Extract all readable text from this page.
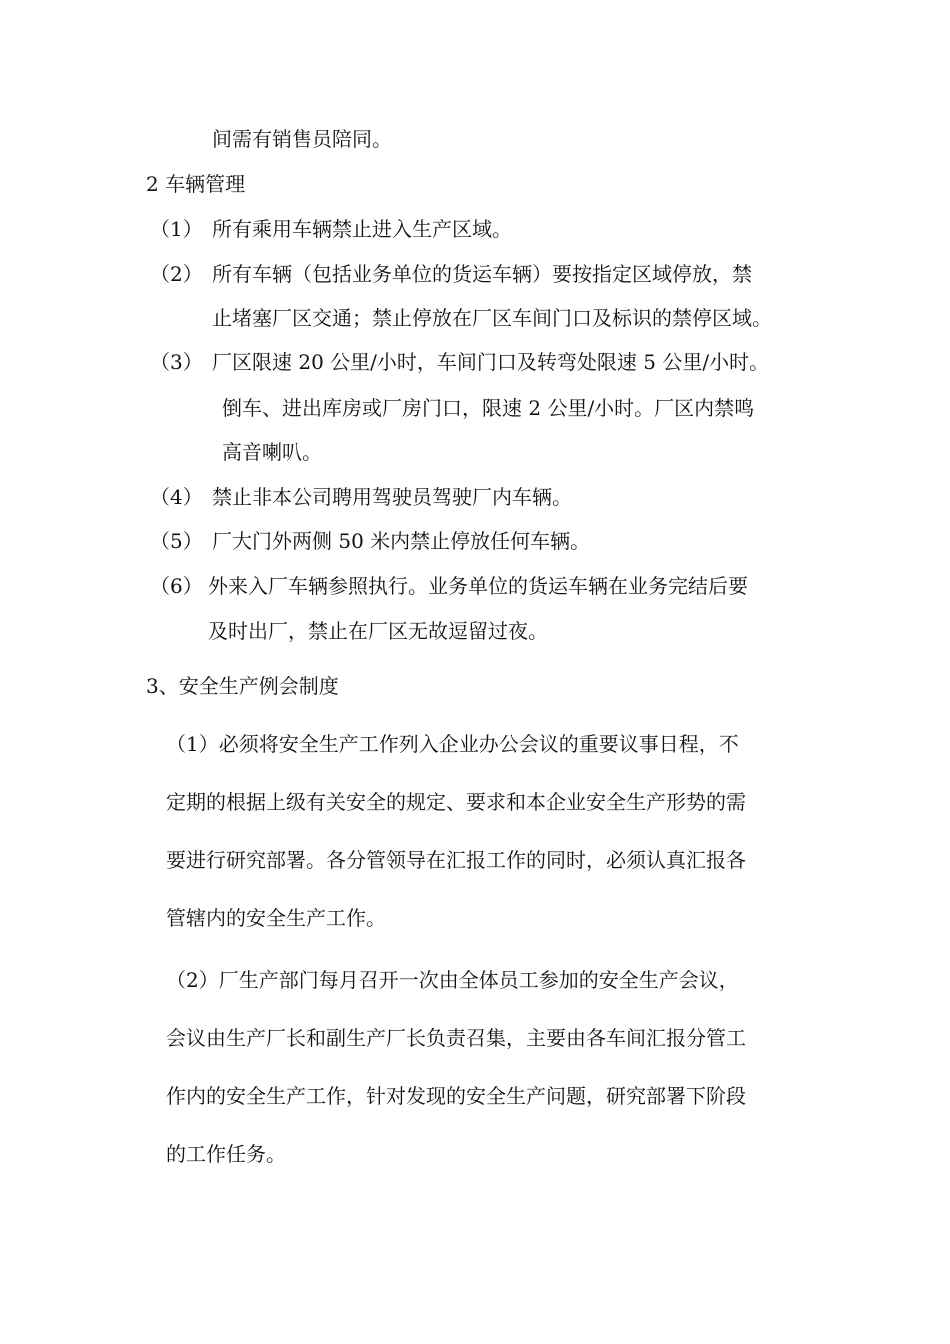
间需有销售员陪同。
2 车辆管理
（1） 所有乘用车辆禁止进入生产区域。
（2） 所有车辆（包括业务单位的货运车辆）要按指定区域停放，禁
止堵塞厂区交通；禁止停放在厂区车间门口及标识的禁停区域。
（3） 厂区限速 20 公里/小时，车间门口及转弯处限速 5 公里/小时。
倒车、进出库房或厂房门口，限速 2 公里/小时。厂区内禁鸣
高音喇叭。
（4） 禁止非本公司聘用驾驶员驾驶厂内车辆。
（5） 厂大门外两侧 50 米内禁止停放任何车辆。
（6） 外来入厂车辆参照执行。业务单位的货运车辆在业务完结后要
及时出厂，禁止在厂区无故逗留过夜。
3、安全生产例会制度
（1）必须将安全生产工作列入企业办公会议的重要议事日程，不
定期的根据上级有关安全的规定、要求和本企业安全生产形势的需
要进行研究部署。各分管领导在汇报工作的同时，必须认真汇报各
管辖内的安全生产工作。
（2）厂生产部门每月召开一次由全体员工参加的安全生产会议，
会议由生产厂长和副生产厂长负责召集，主要由各车间汇报分管工
作内的安全生产工作，针对发现的安全生产问题，研究部署下阶段
的工作任务。
